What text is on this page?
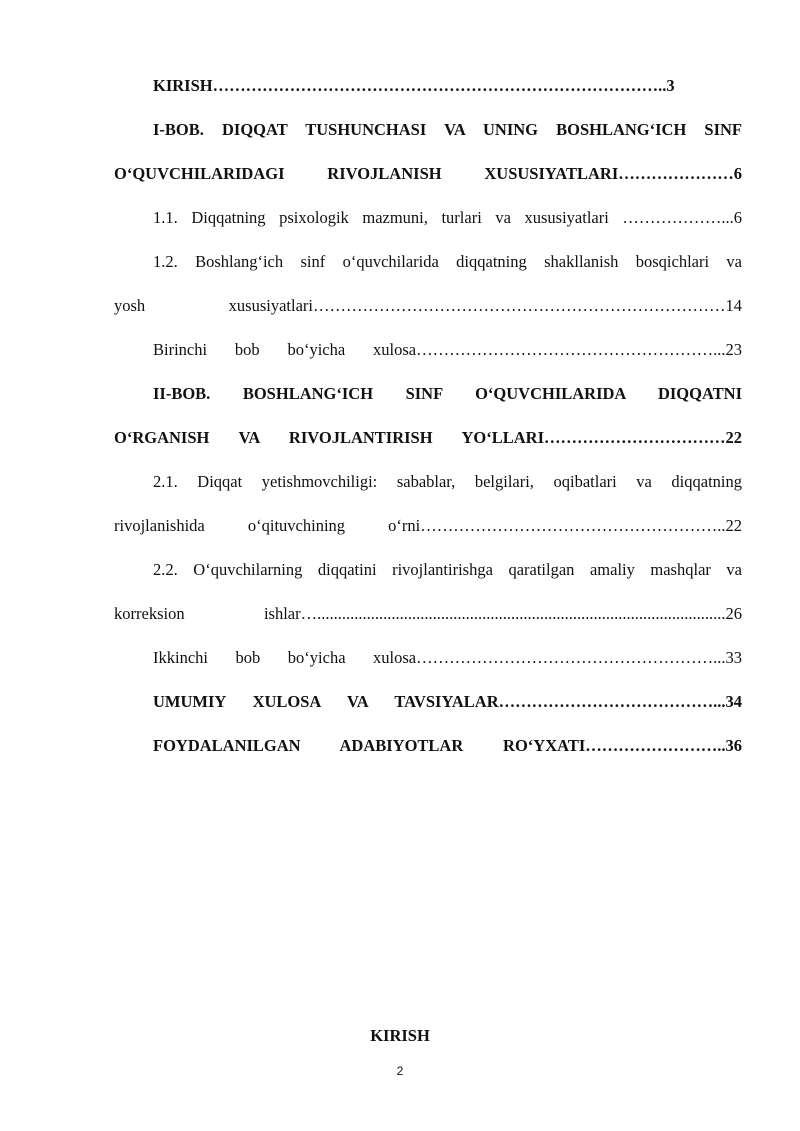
KIRISH………………………………………………………………………..3
I-BOB. DIQQAT TUSHUNCHASI VA UNING BOSHLANG‘ICH SINF
O‘QUVCHILARIDAGI RIVOJLANISH XUSUSIYATLARI…………………6
1.1. Diqqatning psixologik mazmuni, turlari va xususiyatlari ………………...6
1.2. Boshlang‘ich sinf o‘quvchilarida diqqatning shakllanish bosqichlari va
yosh xususiyatlari…………………………………………………………………14
Birinchi bob bo‘yicha xulosa………………………………………………...23
II-BOB. BOSHLANG‘ICH SINF O‘QUVCHILARIDA DIQQATNI
O‘RGANISH VA RIVOJLANTIRISH YO‘LLARI……………………………22
2.1. Diqqat yetishmovchiligi: sabablar, belgilari, oqibatlari va diqqatning
rivojlanishida o‘qituvchining o‘rni………………………………………………..22
2.2. O‘quvchilarning diqqatini rivojlantirishga qaratilgan amaliy mashqlar va
korreksion ishlar…...................................................................................................26
Ikkinchi bob bo‘yicha xulosa………………………………………………...33
UMUMIY XULOSA VA TAVSIYALAR…………………………………...34
FOYDALANILGAN ADABIYOTLAR RO‘YXATI……………………..36
KIRISH
2
